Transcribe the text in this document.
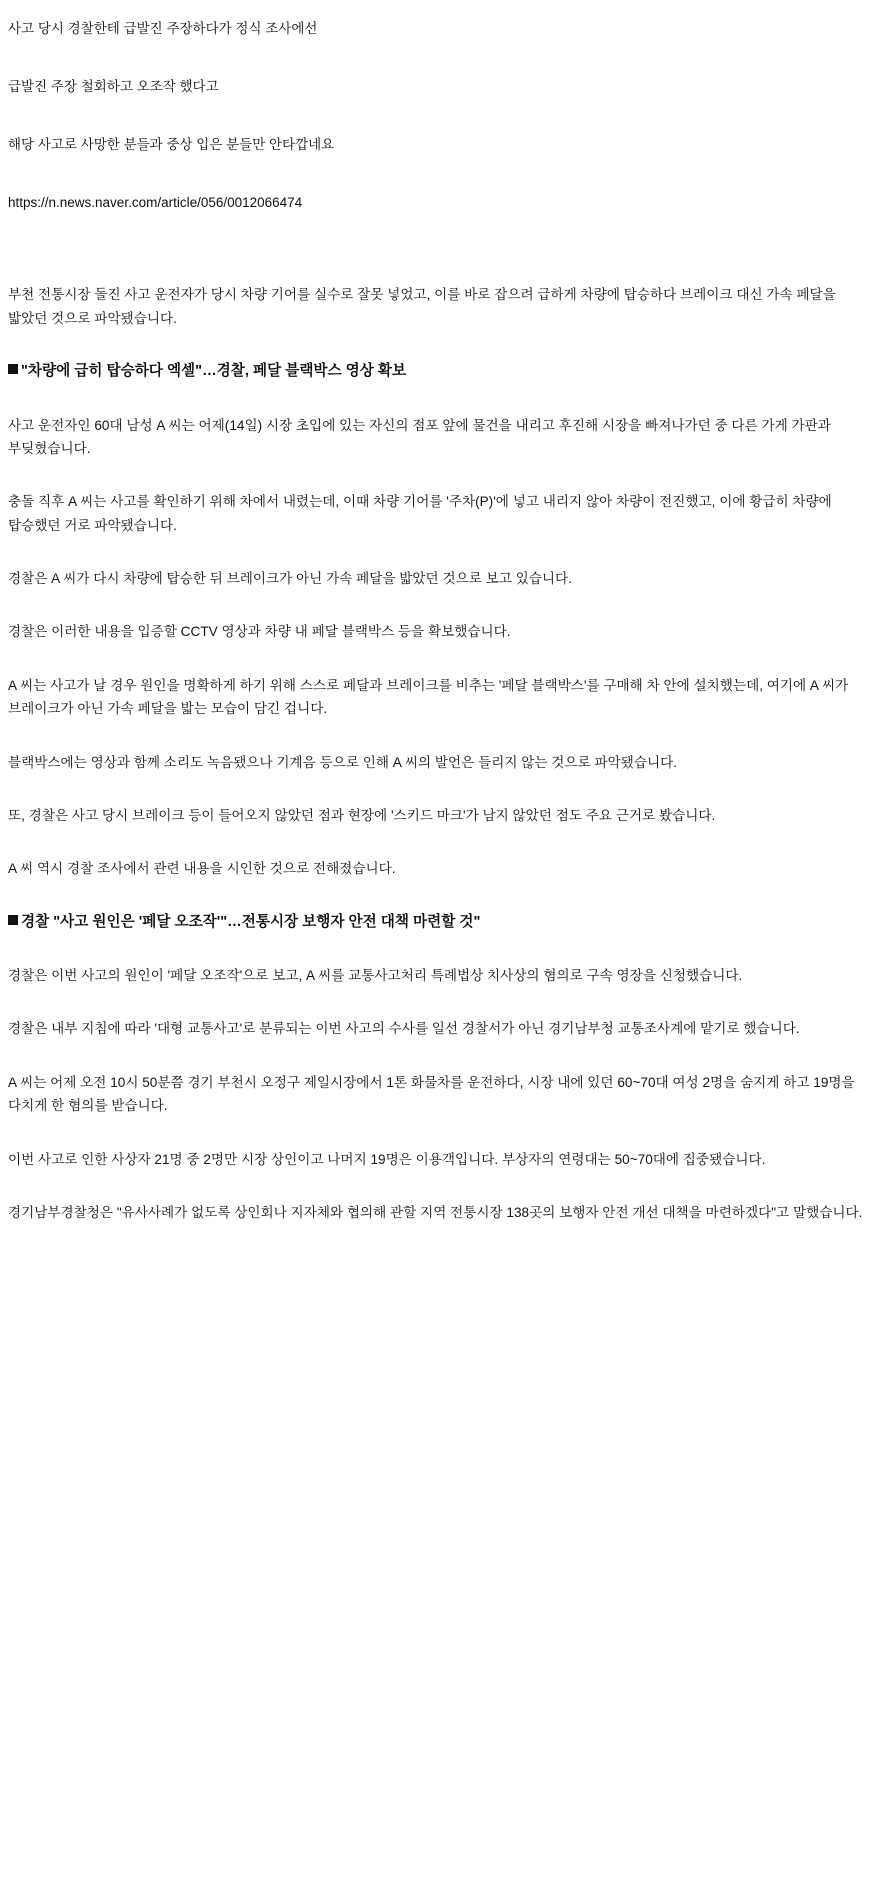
사고 당시 경찰한테 급발진 주장하다가 정식 조사에선

급발진 주장 철회하고 오조작 했다고

해당 사고로 사망한 분들과 중상 입은 분들만 안타깝네요

https://n.news.naver.com/article/056/0012066474

부천 전통시장 돌진 사고 운전자가 당시 차량 기어를 실수로 잘못 넣었고, 이를 바로 잡으려 급하게 차량에 탑승하다 브레이크 대신 가속 페달을 밟았던 것으로 파악됐습니다.

"차량에 급히 탑승하다 엑셀"…경찰, 페달 블랙박스 영상 확보

사고 운전자인 60대 남성 A 씨는 어제(14일) 시장 초입에 있는 자신의 점포 앞에 물건을 내리고 후진해 시장을 빠져나가던 중 다른 가게 가판과 부딪혔습니다.

충돌 직후 A 씨는 사고를 확인하기 위해 차에서 내렸는데, 이때 차량 기어를 '주차(P)'에 넣고 내리지 않아 차량이 전진했고, 이에 황급히 차량에 탑승했던 거로 파악됐습니다.

경찰은 A 씨가 다시 차량에 탑승한 뒤 브레이크가 아닌 가속 페달을 밟았던 것으로 보고 있습니다.

경찰은 이러한 내용을 입증할 CCTV 영상과 차량 내 페달 블랙박스 등을 확보했습니다.

A 씨는 사고가 날 경우 원인을 명확하게 하기 위해 스스로 페달과 브레이크를 비추는 '페달 블랙박스'를 구매해 차 안에 설치했는데, 여기에 A 씨가 브레이크가 아닌 가속 페달을 밟는 모습이 담긴 겁니다.

블랙박스에는 영상과 함께 소리도 녹음됐으나 기계음 등으로 인해 A 씨의 발언은 들리지 않는 것으로 파악됐습니다.

또, 경찰은 사고 당시 브레이크 등이 들어오지 않았던 점과 현장에 '스키드 마크'가 남지 않았던 점도 주요 근거로 봤습니다.

A 씨 역시 경찰 조사에서 관련 내용을 시인한 것으로 전해졌습니다.

경찰 "사고 원인은 '페달 오조작'"…전통시장 보행자 안전 대책 마련할 것"

경찰은 이번 사고의 원인이 '페달 오조작'으로 보고, A 씨를 교통사고처리 특례법상 치사상의 혐의로 구속 영장을 신청했습니다.

경찰은 내부 지침에 따라 '대형 교통사고'로 분류되는 이번 사고의 수사를 일선 경찰서가 아닌 경기남부청 교통조사계에 맡기로 했습니다.

A 씨는 어제 오전 10시 50분쯤 경기 부천시 오정구 제일시장에서 1톤 화물차를 운전하다, 시장 내에 있던 60~70대 여성 2명을 숨지게 하고 19명을 다치게 한 혐의를 받습니다.

이번 사고로 인한 사상자 21명 중 2명만 시장 상인이고 나머지 19명은 이용객입니다. 부상자의 연령대는 50~70대에 집중됐습니다.

경기남부경찰청은 "유사사례가 없도록 상인회나 지자체와 협의해 관할 지역 전통시장 138곳의 보행자 안전 개선 대책을 마련하겠다"고 말했습니다.
